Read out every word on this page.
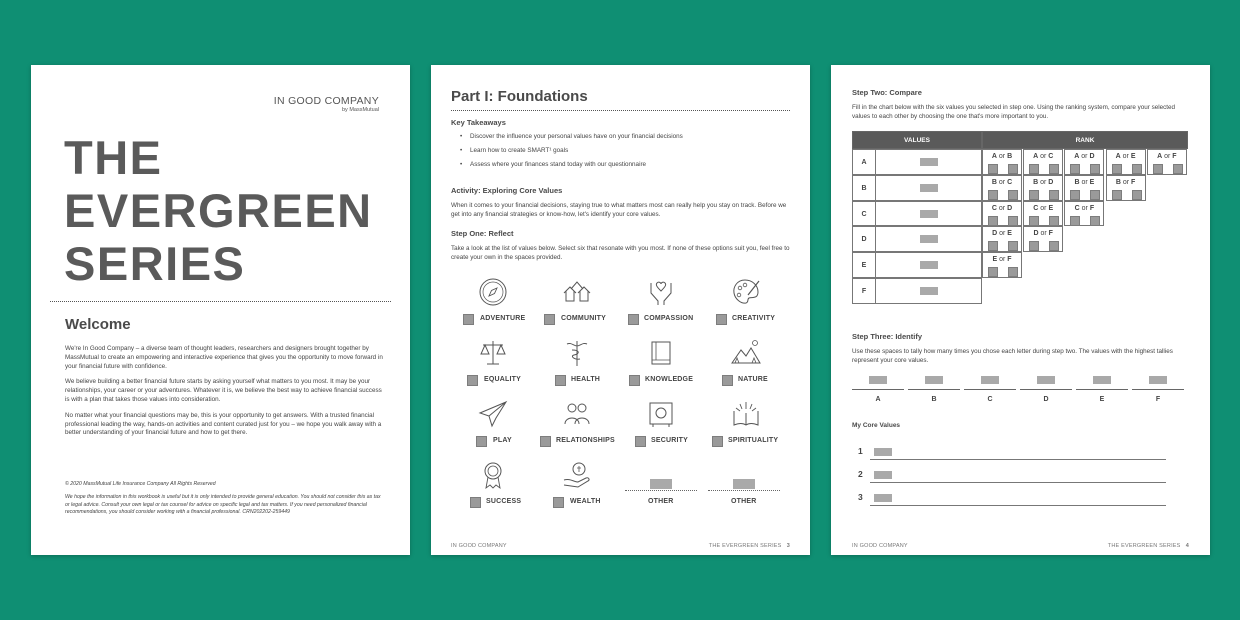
IN GOOD COMPANY
by MassMutual
THE
EVERGREEN
SERIES
Welcome

We're In Good Company – a diverse team of thought leaders, researchers and designers brought together by MassMutual to create an empowering and interactive experience that gives you the opportunity to move forward in your financial future with confidence.

We believe building a better financial future starts by asking yourself what matters to you most. It may be your relationships, your career or your adventures. Whatever it is, we believe the best way to achieve financial success is with a plan that takes those values into consideration.

No matter what your financial questions may be, this is your opportunity to get answers. With a trusted financial professional leading the way, hands-on activities and content curated just for you – we hope you walk away with a better understanding of your financial future and how to get there.

© 2020 MassMutual Life Insurance Company All Rights Reserved

We hope the information in this workbook is useful but it is only intended to provide general education. You should not consider this as tax or legal advice. Consult your own legal or tax counsel for advice on specific legal and tax matters. If you need personalized financial recommendations, you should consider working with a financial professional. CRN202202-259449

Part I: Foundations
Key Takeaways
• Discover the influence your personal values have on your financial decisions
• Learn how to create SMART¹ goals
• Assess where your finances stand today with our questionnaire
Activity: Exploring Core Values
When it comes to your financial decisions, staying true to what matters most can really help you stay on track. Before we get into any financial strategies or know-how, let's identify your core values.
Step One: Reflect
Take a look at the list of values below. Select six that resonate with you most. If none of these options suit you, feel free to create your own in the spaces provided.
ADVENTURE	COMMUNITY	COMPASSION	CREATIVITY
EQUALITY	HEALTH	KNOWLEDGE	NATURE
PLAY	RELATIONSHIPS	SECURITY	SPIRITUALITY
SUCCESS	WEALTH	OTHER	OTHER
IN GOOD COMPANY	THE EVERGREEN SERIES 3
Step Two: Compare
Fill in the chart below with the six values you selected in step one. Using the ranking system, compare your selected values to each other by choosing the one that's more important to you.
VALUES	RANK
A
A or B	A or C	A or D	A or E	A or F
B
B or C	B or D	B or E	B or F
C
C or D	C or E	C or F
D
D or E	D or F
E
E or F
F
Step Three: Identify
Use these spaces to tally how many times you chose each letter during step two. The values with the highest tallies represent your core values.
A	B	C	D	E	F
My Core Values
1
2
3
IN GOOD COMPANY	THE EVERGREEN SERIES 4
